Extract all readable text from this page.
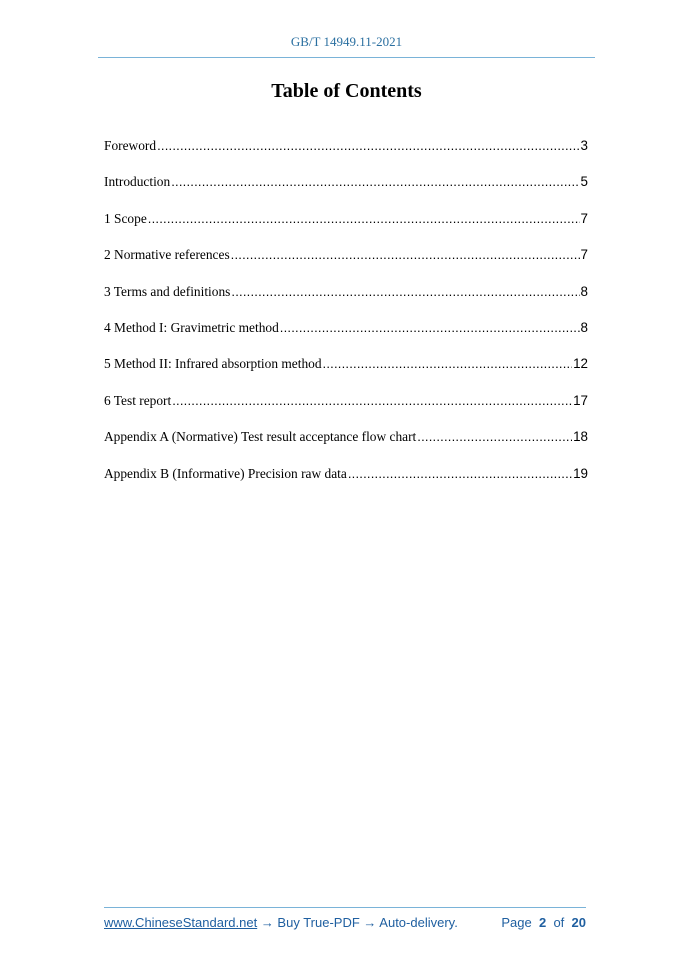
GB/T 14949.11-2021
Table of Contents
Foreword .....	3
Introduction .....	5
1 Scope .....	7
2 Normative references .....	7
3 Terms and definitions .....	8
4 Method I: Gravimetric method .....	8
5 Method II: Infrared absorption method .....	12
6 Test report .....	17
Appendix A (Normative) Test result acceptance flow chart .....	18
Appendix B (Informative) Precision raw data .....	19
www.ChineseStandard.net → Buy True-PDF → Auto-delivery.	Page 2 of 20
